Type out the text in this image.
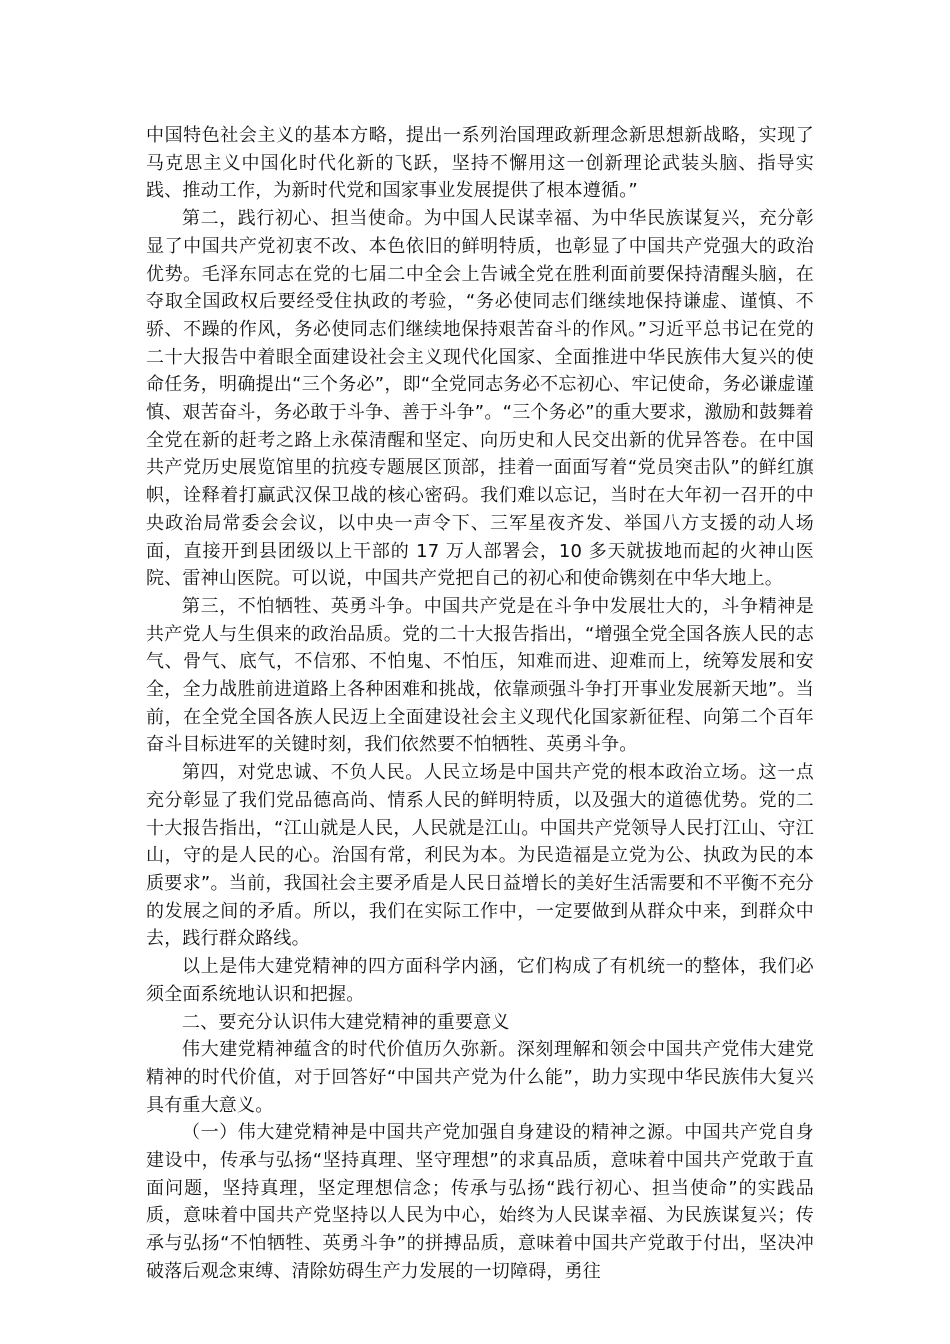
中国特色社会主义的基本方略，提出一系列治国理政新理念新思想新战略，实现了马克思主义中国化时代化新的飞跃，坚持不懈用这一创新理论武装头脑、指导实践、推动工作，为新时代党和国家事业发展提供了根本遵循。”

第二，践行初心、担当使命。为中国人民谋幸福、为中华民族谋复兴，充分彰显了中国共产党初衷不改、本色依旧的鲜明特质，也彰显了中国共产党强大的政治优势。毛泽东同志在党的七届二中全会上告诫全党在胜利面前要保持清醒头脑，在夺取全国政权后要经受住执政的考验，“务必使同志们继续地保持谦虚、谨慎、不骄、不躁的作风，务必使同志们继续地保持艰苦奋斗的作风。”习近平总书记在党的二十大报告中着眼全面建设社会主义现代化国家、全面推进中华民族伟大复兴的使命任务，明确提出“三个务必”，即“全党同志务必不忘初心、牢记使命，务必谦虚谨慎、艰苦奋斗，务必敢于斗争、善于斗争”。“三个务必”的重大要求，激励和鼓舞着全党在新的赶考之路上永葆清醒和坚定、向历史和人民交出新的优异答卷。在中国共产党历史展览馆里的抗疫专题展区顶部，挂着一面面写着“党员突击队”的鲜红旗帜，诠释着打赢武汉保卫战的核心密码。我们难以忘记，当时在大年初一召开的中央政治局常委会会议，以中央一声令下、三军星夜齐发、举国八方支援的动人场面，直接开到县团级以上干部的 17 万人部署会，10 多天就拔地而起的火神山医院、雷神山医院。可以说，中国共产党把自己的初心和使命镌刻在中华大地上。

第三，不怕牺牲、英勇斗争。中国共产党是在斗争中发展壮大的，斗争精神是共产党人与生俱来的政治品质。党的二十大报告指出，“增强全党全国各族人民的志气、骨气、底气，不信邪、不怕鬼、不怕压，知难而进、迎难而上，统筹发展和安全，全力战胜前进道路上各种困难和挑战，依靠顽强斗争打开事业发展新天地”。当前，在全党全国各族人民迈上全面建设社会主义现代化国家新征程、向第二个百年奋斗目标进军的关键时刻，我们依然要不怕牺牲、英勇斗争。

第四，对党忠诚、不负人民。人民立场是中国共产党的根本政治立场。这一点充分彰显了我们党品德高尚、情系人民的鲜明特质，以及强大的道德优势。党的二十大报告指出，“江山就是人民，人民就是江山。中国共产党领导人民打江山、守江山，守的是人民的心。治国有常，利民为本。为民造福是立党为公、执政为民的本质要求”。当前，我国社会主要矛盾是人民日益增长的美好生活需要和不平衡不充分的发展之间的矛盾。所以，我们在实际工作中，一定要做到从群众中来，到群众中去，践行群众路线。

以上是伟大建党精神的四方面科学内涵，它们构成了有机统一的整体，我们必须全面系统地认识和把握。

二、要充分认识伟大建党精神的重要意义

伟大建党精神蕴含的时代价值历久弥新。深刻理解和领会中国共产党伟大建党精神的时代价值，对于回答好“中国共产党为什么能”，助力实现中华民族伟大复兴具有重大意义。

（一）伟大建党精神是中国共产党加强自身建设的精神之源。中国共产党自身建设中，传承与弘扬“坚持真理、坚守理想”的求真品质，意味着中国共产党敢于直面问题，坚持真理，坚定理想信念；传承与弘扬“践行初心、担当使命”的实践品质，意味着中国共产党坚持以人民为中心，始终为人民谋幸福、为民族谋复兴；传承与弘扬“不怕牺牲、英勇斗争”的拼搏品质，意味着中国共产党敢于付出，坚决冲破落后观念束缚、清除妨碍生产力发展的一切障碍，勇往
